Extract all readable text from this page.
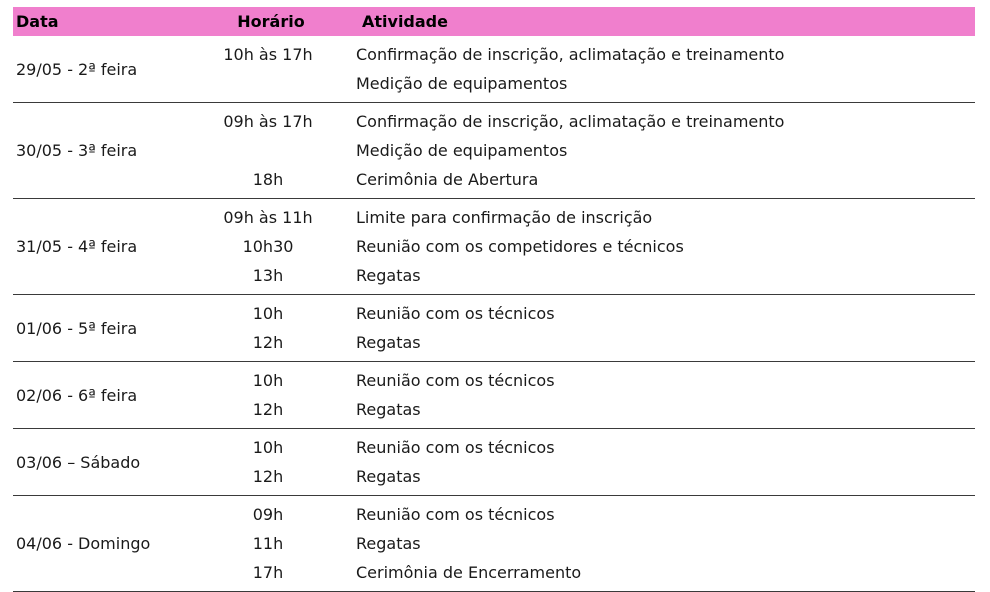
Data	Horário	Atividade
29/05 - 2ª feira
10h às 17h	Confirmação de inscrição, aclimatação e treinamento
Medição de equipamentos
30/05 - 3ª feira
09h às 17h	Confirmação de inscrição, aclimatação e treinamento
Medição de equipamentos
18h	Cerimônia de Abertura
31/05 - 4ª feira
09h às 11h	Limite para confirmação de inscrição
10h30	Reunião com os competidores e técnicos
13h	Regatas
01/06 - 5ª feira
10h	Reunião com os técnicos
12h	Regatas
02/06 - 6ª feira
10h	Reunião com os técnicos
12h	Regatas
03/06 – Sábado
10h	Reunião com os técnicos
12h	Regatas
04/06 - Domingo
09h	Reunião com os técnicos
11h	Regatas
17h	Cerimônia de Encerramento
